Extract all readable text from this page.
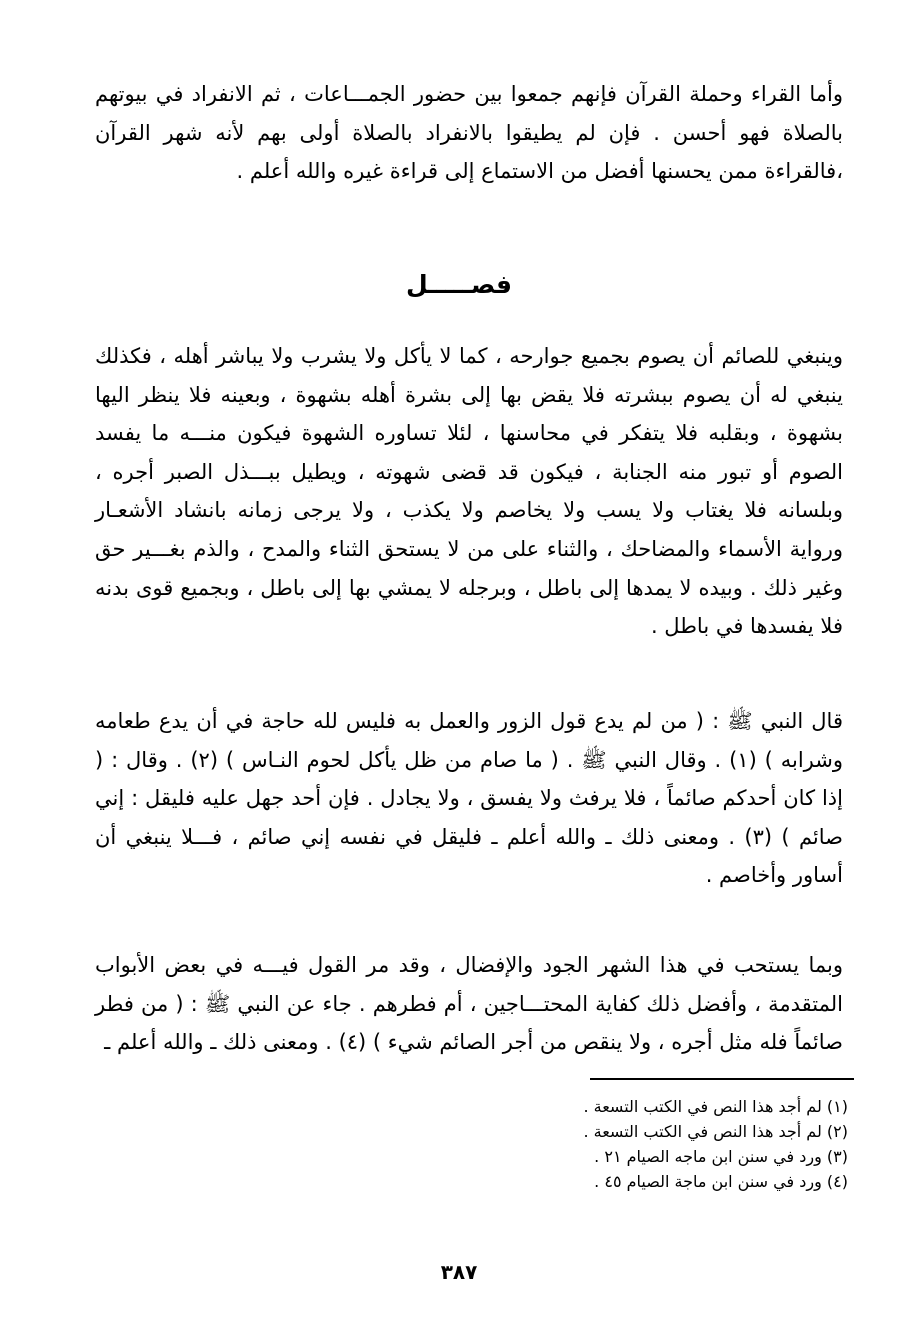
وأما القراء وحملة القرآن فإنهم جمعوا بين حضور الجمـــاعات ، ثم الانفراد في بيوتهم بالصلاة فهو أحسن . فإن لم يطيقوا بالانفراد بالصلاة أولى بهم لأنه شهر القرآن ،فالقراءة ممن يحسنها أفضل من الاستماع إلى قراءة غيره والله أعلم .

فصـــــل

وينبغي للصائم أن يصوم بجميع جوارحه ، كما لا يأكل ولا يشرب ولا يباشر أهله ، فكذلك ينبغي له أن يصوم ببشرته فلا يقض بها إلى بشرة أهله بشهوة ، وبعينه فلا ينظر اليها بشهوة ، وبقلبه فلا يتفكر في محاسنها ، لئلا تساوره الشهوة فيكون منـــه ما يفسد الصوم أو تبور منه الجنابة ، فيكون قد قضى شهوته ، ويطيل ببـــذل الصبر أجره ، وبلسانه فلا يغتاب ولا يسب ولا يخاصم ولا يكذب ، ولا يرجى زمانه بانشاد الأشعـار ورواية الأسماء والمضاحك ، والثناء على من لا يستحق الثناء والمدح ، والذم بغـــير حق وغير ذلك . وبيده لا يمدها إلى باطل ، وبرجله لا يمشي بها إلى باطل ، وبجميع قوى بدنه فلا يفسدها في باطل .

قال النبي ﷺ : ( من لم يدع قول الزور والعمل به فليس لله حاجة في أن يدع طعامه وشرابه ) (١) . وقال النبي ﷺ . ( ما صام من ظل يأكل لحوم النـاس ) (٢) . وقال : ( إذا كان أحدكم صائماً ، فلا يرفث ولا يفسق ، ولا يجادل . فإن أحد جهل عليه فليقل : إني صائم ) (٣) . ومعنى ذلك ـ والله أعلم ـ فليقل في نفسه إني صائم ، فـــلا ينبغي أن أساور وأخاصم .

وبما يستحب في هذا الشهر الجود والإفضال ، وقد مر القول فيـــه في بعض الأبواب المتقدمة ، وأفضل ذلك كفاية المحتـــاجين ، أم فطرهم . جاء عن النبي ﷺ : ( من فطر صائماً فله مثل أجره ، ولا ينقص من أجر الصائم شيء ) (٤) . ومعنى ذلك ـ والله أعلم ـ

(١) لم أجد هذا النص في الكتب التسعة .
(٢) لم أجد هذا النص في الكتب التسعة .
(٣) ورد في سنن ابن ماجه الصيام ٢١ .
(٤) ورد في سنن ابن ماجة الصيام ٤٥ .
٣٨٧
